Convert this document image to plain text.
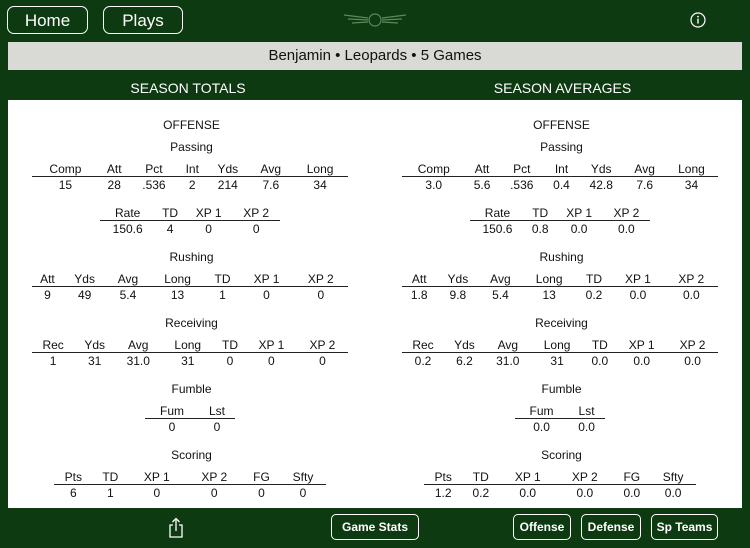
Home	Plays
Benjamin • Leopards • 5 Games
SEASON TOTALS	SEASON AVERAGES
OFFENSE
Passing
Comp	Att	Pct	Int	Yds	Avg	Long
15	28	.536	2	214	7.6	34
Rate	TD	XP 1	XP 2
150.6	4	0	0
Rushing
Att	Yds	Avg	Long	TD	XP 1	XP 2
9	49	5.4	13	1	0	0
Receiving
Rec	Yds	Avg	Long	TD	XP 1	XP 2
1	31	31.0	31	0	0	0
Fumble
Fum	Lst
0	0
Scoring
Pts	TD	XP 1	XP 2	FG	Sfty
6	1	0	0	0	0
OFFENSE
Passing
Comp	Att	Pct	Int	Yds	Avg	Long
3.0	5.6	.536	0.4	42.8	7.6	34
Rate	TD	XP 1	XP 2
150.6	0.8	0.0	0.0
Rushing
Att	Yds	Avg	Long	TD	XP 1	XP 2
1.8	9.8	5.4	13	0.2	0.0	0.0
Receiving
Rec	Yds	Avg	Long	TD	XP 1	XP 2
0.2	6.2	31.0	31	0.0	0.0	0.0
Fumble
Fum	Lst
0.0	0.0
Scoring
Pts	TD	XP 1	XP 2	FG	Sfty
1.2	0.2	0.0	0.0	0.0	0.0
Game Stats	Offense	Defense	Sp Teams
